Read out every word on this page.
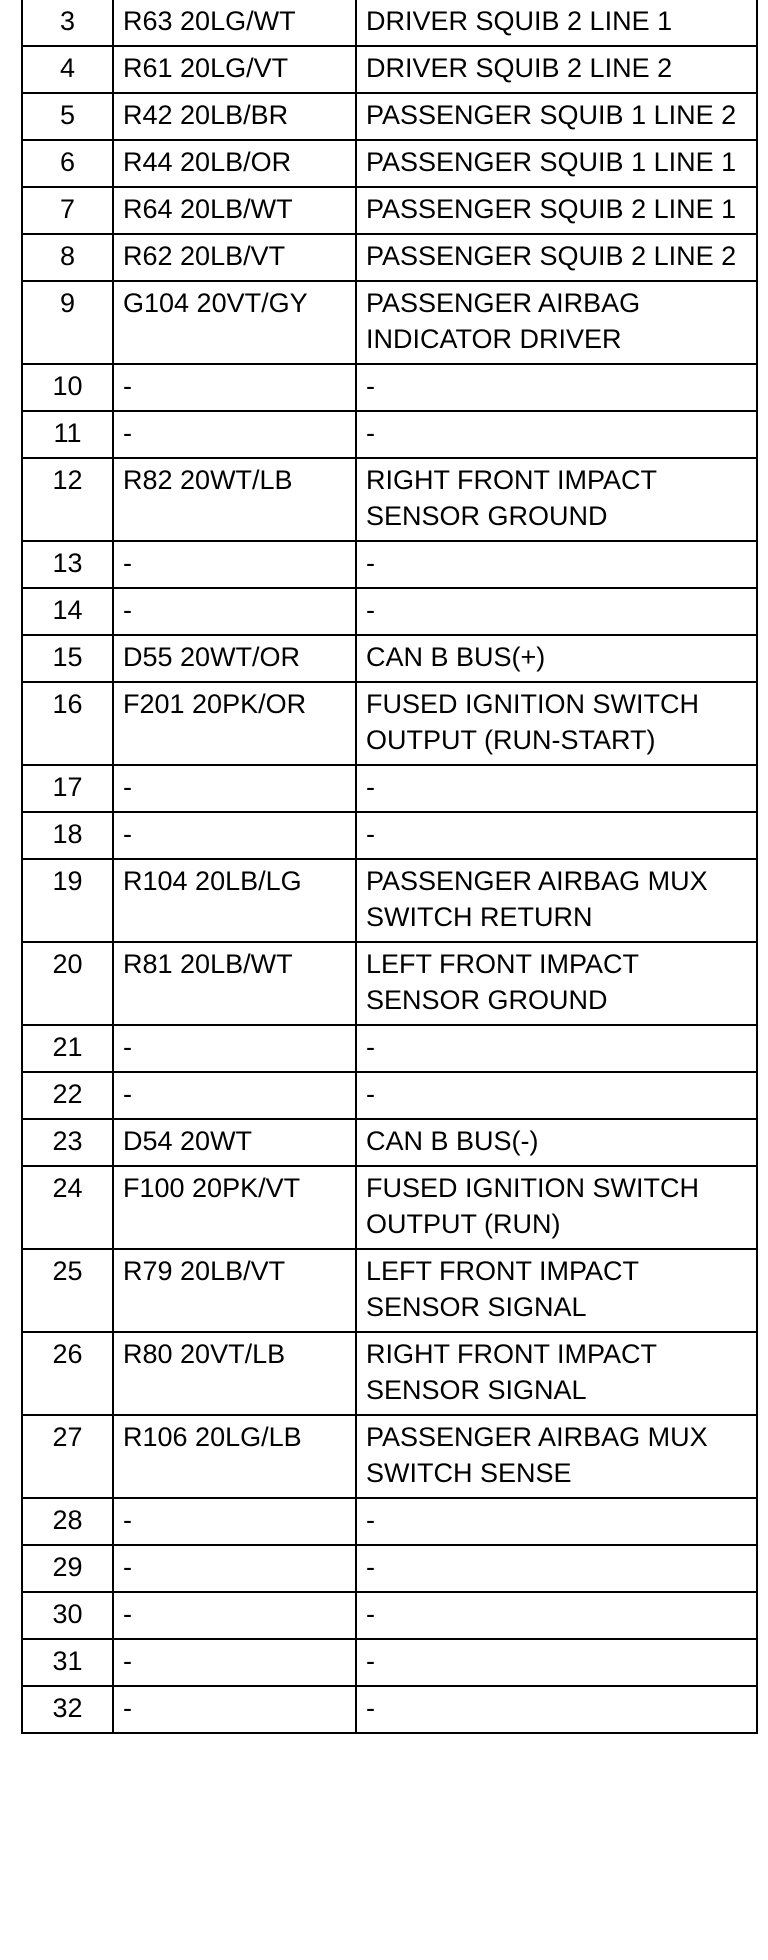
3	R63 20LG/WT	DRIVER SQUIB 2 LINE 1
4	R61 20LG/VT	DRIVER SQUIB 2 LINE 2
5	R42 20LB/BR	PASSENGER SQUIB 1 LINE 2
6	R44 20LB/OR	PASSENGER SQUIB 1 LINE 1
7	R64 20LB/WT	PASSENGER SQUIB 2 LINE 1
8	R62 20LB/VT	PASSENGER SQUIB 2 LINE 2
9	G104 20VT/GY	PASSENGER AIRBAG INDICATOR DRIVER
10	-	-
11	-	-
12	R82 20WT/LB	RIGHT FRONT IMPACT SENSOR GROUND
13	-	-
14	-	-
15	D55 20WT/OR	CAN B BUS(+)
16	F201 20PK/OR	FUSED IGNITION SWITCH OUTPUT (RUN-START)
17	-	-
18	-	-
19	R104 20LB/LG	PASSENGER AIRBAG MUX SWITCH RETURN
20	R81 20LB/WT	LEFT FRONT IMPACT SENSOR GROUND
21	-	-
22	-	-
23	D54 20WT	CAN B BUS(-)
24	F100 20PK/VT	FUSED IGNITION SWITCH OUTPUT (RUN)
25	R79 20LB/VT	LEFT FRONT IMPACT SENSOR SIGNAL
26	R80 20VT/LB	RIGHT FRONT IMPACT SENSOR SIGNAL
27	R106 20LG/LB	PASSENGER AIRBAG MUX SWITCH SENSE
28	-	-
29	-	-
30	-	-
31	-	-
32	-	-
